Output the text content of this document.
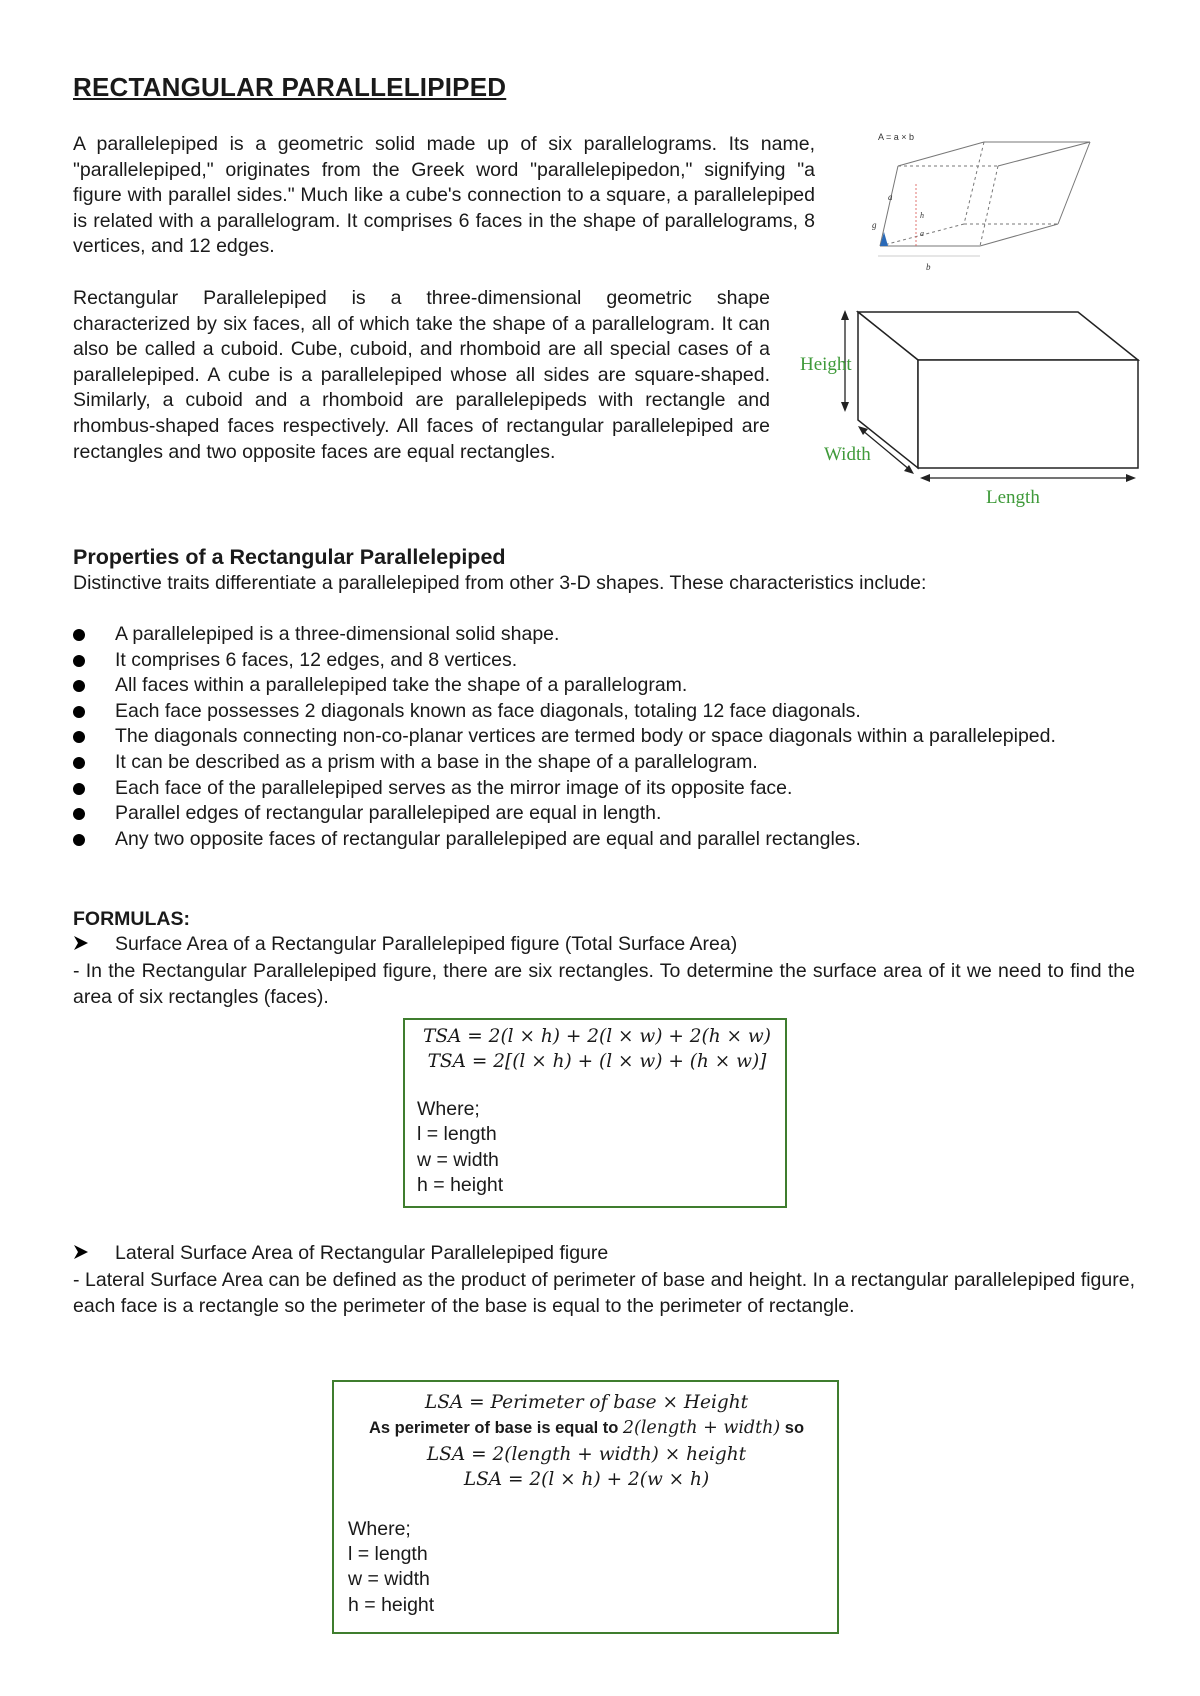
RECTANGULAR PARALLELIPIPED

A parallelepiped is a geometric solid made up of six parallelograms. Its name, "parallelepiped," originates from the Greek word "parallelepipedon," signifying "a figure with parallel sides." Much like a cube's connection to a square, a parallelepiped is related with a parallelogram. It comprises 6 faces in the shape of parallelograms, 8 vertices, and 12 edges.

A = a × b
a
g
h
a
b

Rectangular Parallelepiped is a three-dimensional geometric shape characterized by six faces, all of which take the shape of a parallelogram. It can also be called a cuboid. Cube, cuboid, and rhomboid are all special cases of a parallelepiped. A cube is a parallelepiped whose all sides are square-shaped. Similarly, a cuboid and a rhomboid are parallelepipeds with rectangle and rhombus-shaped faces respectively. All faces of rectangular parallelepiped are rectangles and two opposite faces are equal rectangles.

Height
Width
Length
Properties of a Rectangular Parallelepiped

Distinctive traits differentiate a parallelepiped from other 3-D shapes. These characteristics include:

A parallelepiped is a three-dimensional solid shape.
It comprises 6 faces, 12 edges, and 8 vertices.
All faces within a parallelepiped take the shape of a parallelogram.
Each face possesses 2 diagonals known as face diagonals, totaling 12 face diagonals.
The diagonals connecting non-co-planar vertices are termed body or space diagonals within a parallelepiped.
It can be described as a prism with a base in the shape of a parallelogram.
Each face of the parallelepiped serves as the mirror image of its opposite face.
Parallel edges of rectangular parallelepiped are equal in length.
Any two opposite faces of rectangular parallelepiped are equal and parallel rectangles.
FORMULAS:

Surface Area of a Rectangular Parallelepiped figure (Total Surface Area)

- In the Rectangular Parallelepiped figure, there are six rectangles. To determine the surface area of it we need to find the area of six rectangles (faces).

TSA = 2(l × h) + 2(l × w) + 2(h × w)
TSA = 2[(l × h) + (l × w) + (h × w)]
Where;
l = length
w = width
h = height

Lateral Surface Area of Rectangular Parallelepiped figure

- Lateral Surface Area can be defined as the product of perimeter of base and height. In a rectangular parallelepiped figure, each face is a rectangle so the perimeter of the base is equal to the perimeter of rectangle.

LSA = Perimeter of base × Height
As perimeter of base is equal to 2(length + width) so
LSA = 2(length + width) × height
LSA = 2(l × h) + 2(w × h)
Where;
l = length
w = width
h = height
